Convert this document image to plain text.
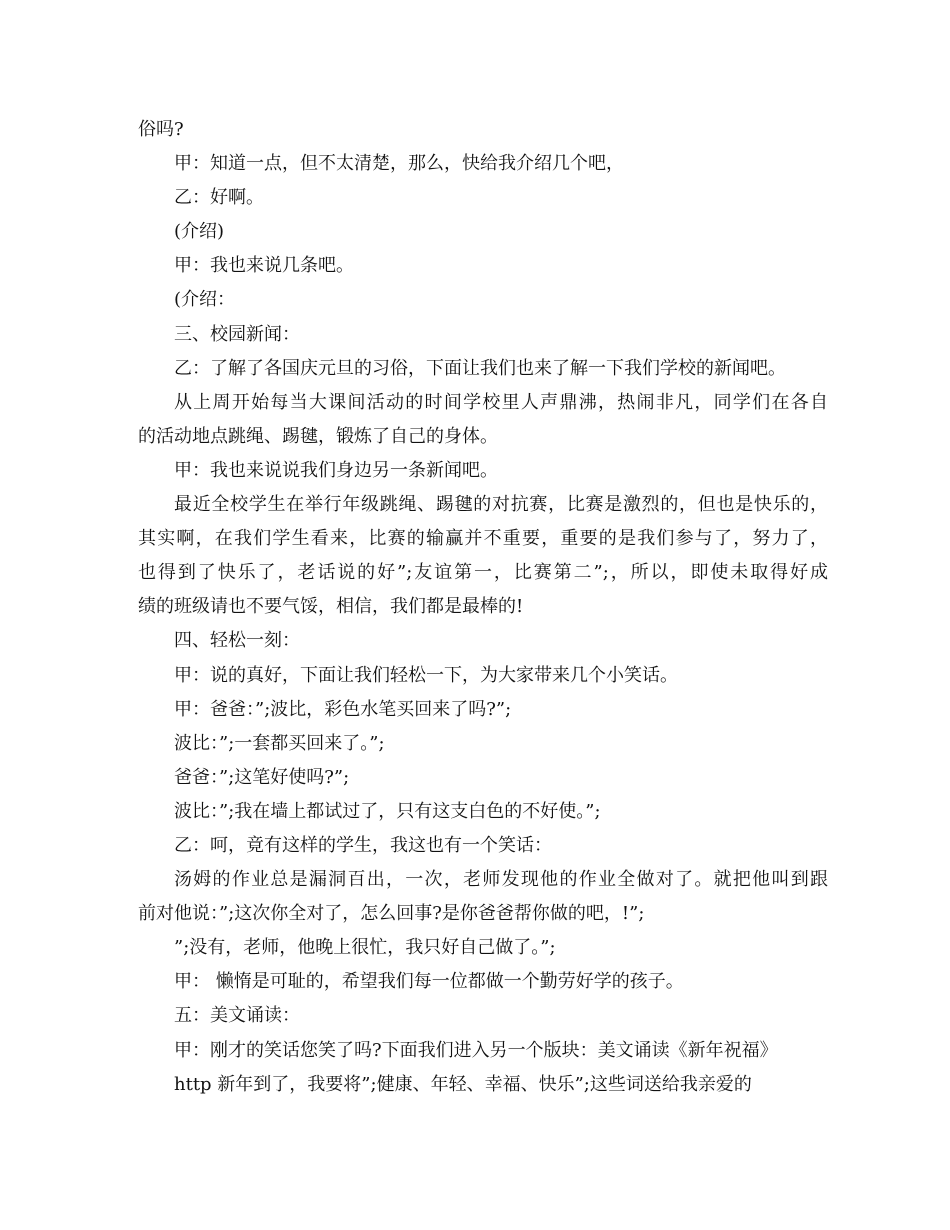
俗吗?
甲：知道一点，但不太清楚，那么，快给我介绍几个吧，
乙：好啊。
(介绍)
甲：我也来说几条吧。
(介绍：
三、校园新闻：
乙：了解了各国庆元旦的习俗，下面让我们也来了解一下我们学校的新闻吧。
从上周开始每当大课间活动的时间学校里人声鼎沸，热闹非凡，同学们在各自
的活动地点跳绳、踢毽，锻炼了自己的身体。
甲：我也来说说我们身边另一条新闻吧。
最近全校学生在举行年级跳绳、踢毽的对抗赛，比赛是激烈的，但也是快乐的，
其实啊，在我们学生看来，比赛的输赢并不重要，重要的是我们参与了，努力了，
也得到了快乐了，老话说的好”;友谊第一，比赛第二”;，所以，即使未取得好成
绩的班级请也不要气馁，相信，我们都是最棒的!
四、轻松一刻：
甲：说的真好，下面让我们轻松一下，为大家带来几个小笑话。
甲：爸爸：”;波比，彩色水笔买回来了吗?”;
波比：”;一套都买回来了。”;
爸爸：”;这笔好使吗?”;
波比：”;我在墙上都试过了，只有这支白色的不好使。”;
乙：呵，竟有这样的学生，我这也有一个笑话：
汤姆的作业总是漏洞百出，一次，老师发现他的作业全做对了。就把他叫到跟
前对他说：”;这次你全对了，怎么回事?是你爸爸帮你做的吧，!”;
”;没有，老师，他晚上很忙，我只好自己做了。”;
甲： 懒惰是可耻的，希望我们每一位都做一个勤劳好学的孩子。
五：美文诵读：
甲：刚才的笑话您笑了吗?下面我们进入另一个版块：美文诵读《新年祝福》
http 新年到了，我要将”;健康、年轻、幸福、快乐”;这些词送给我亲爱的
